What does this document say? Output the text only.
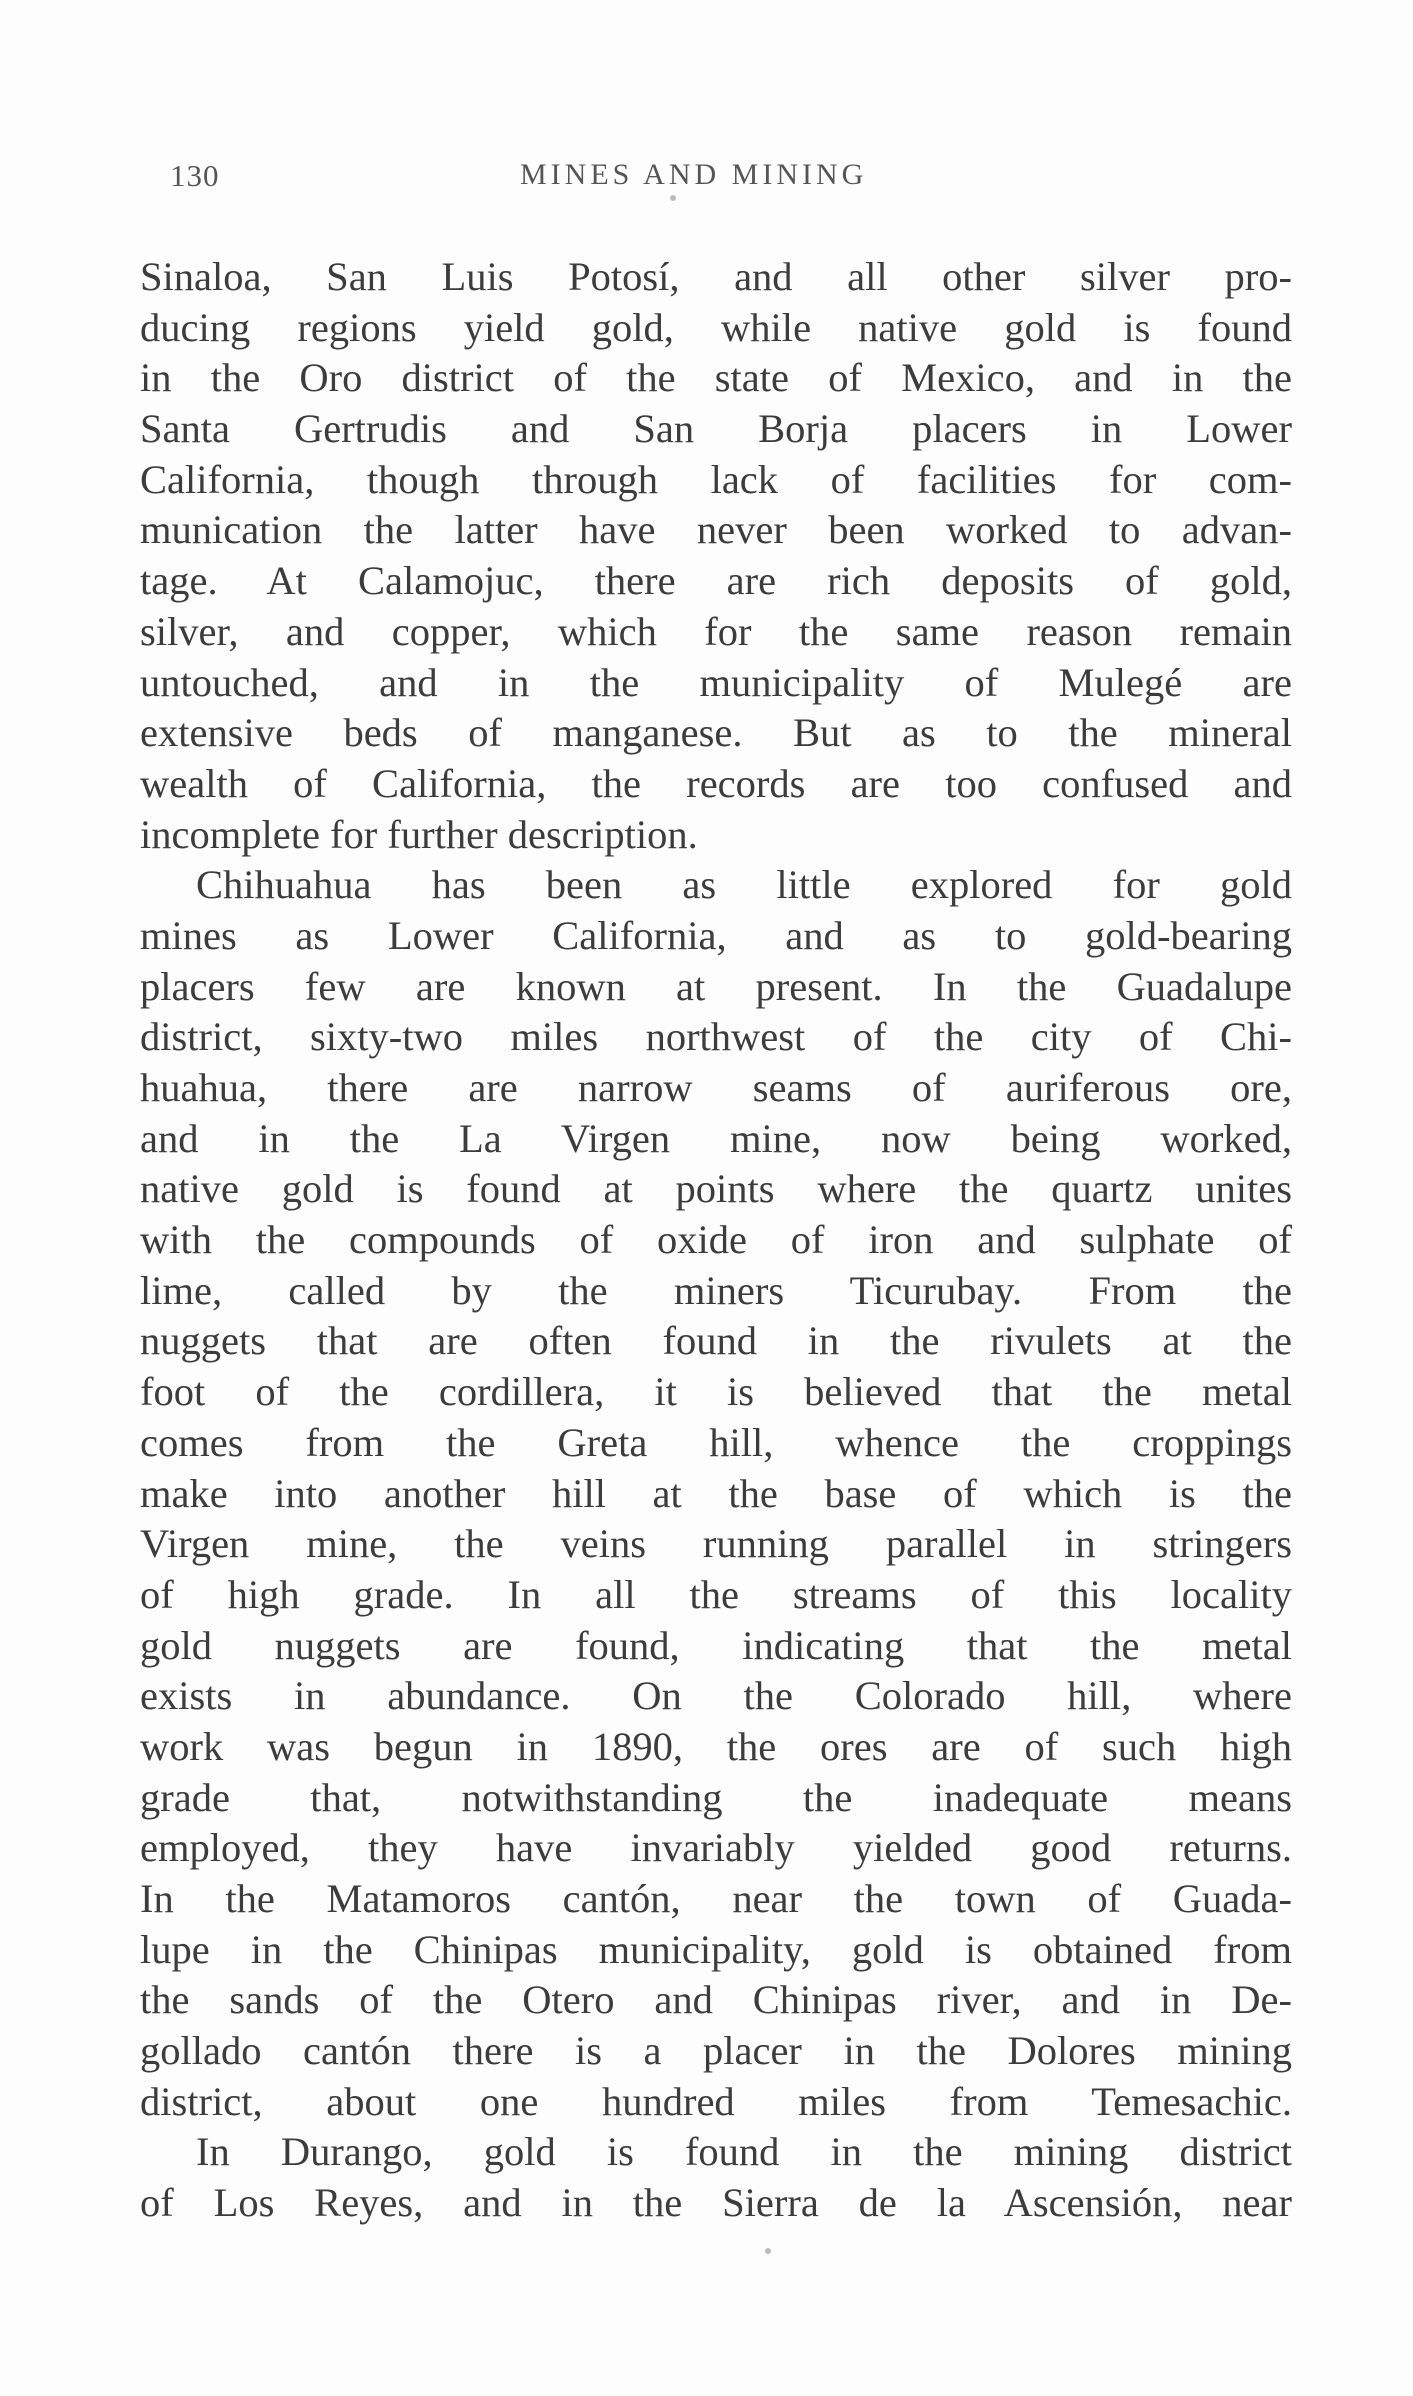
130	MINES AND MINING
Sinaloa, San Luis Potosí, and all other silver pro-
ducing regions yield gold, while native gold is found
in the Oro district of the state of Mexico, and in the
Santa Gertrudis and San Borja placers in Lower
California, though through lack of facilities for com-
munication the latter have never been worked to advan-
tage. At Calamojuc, there are rich deposits of gold,
silver, and copper, which for the same reason remain
untouched, and in the municipality of Mulegé are
extensive beds of manganese. But as to the mineral
wealth of California, the records are too confused and
incomplete for further description.
Chihuahua has been as little explored for gold
mines as Lower California, and as to gold-bearing
placers few are known at present. In the Guadalupe
district, sixty-two miles northwest of the city of Chi-
huahua, there are narrow seams of auriferous ore,
and in the La Virgen mine, now being worked,
native gold is found at points where the quartz unites
with the compounds of oxide of iron and sulphate of
lime, called by the miners Ticurubay. From the
nuggets that are often found in the rivulets at the
foot of the cordillera, it is believed that the metal
comes from the Greta hill, whence the croppings
make into another hill at the base of which is the
Virgen mine, the veins running parallel in stringers
of high grade. In all the streams of this locality
gold nuggets are found, indicating that the metal
exists in abundance. On the Colorado hill, where
work was begun in 1890, the ores are of such high
grade that, notwithstanding the inadequate means
employed, they have invariably yielded good returns.
In the Matamoros cantón, near the town of Guada-
lupe in the Chinipas municipality, gold is obtained from
the sands of the Otero and Chinipas river, and in De-
gollado cantón there is a placer in the Dolores mining
district, about one hundred miles from Temesachic.
In Durango, gold is found in the mining district
of Los Reyes, and in the Sierra de la Ascensión, near
